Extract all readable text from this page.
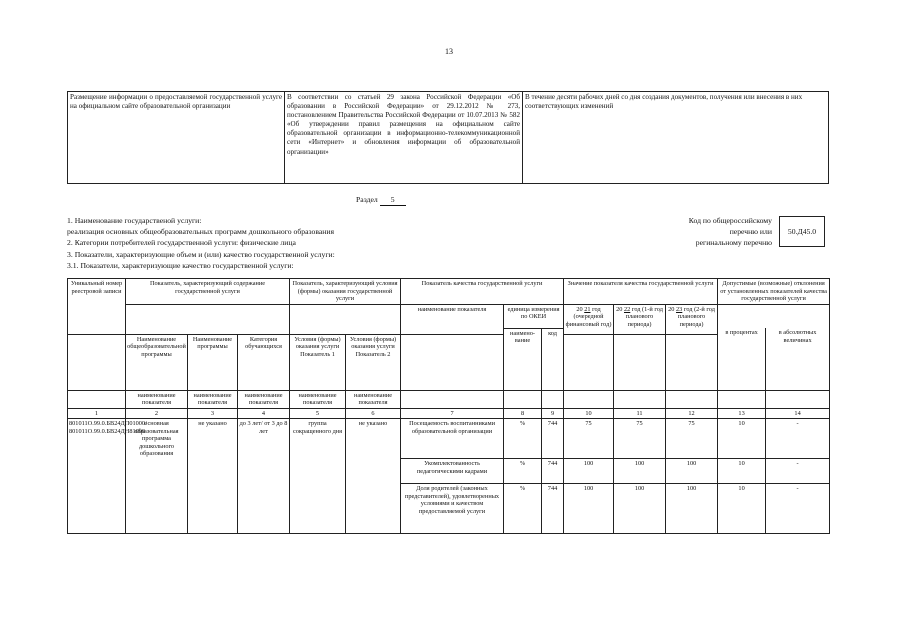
13
Размещение информации о предоставляемой государственной услуге на официальном сайте образовательной организации	В соответствии со статьей 29 закона Российской Федерации «Об образовании в Российской Федерации» от 29.12.2012 № 273, постановлением Правительства Российской Федерации от 10.07.2013 № 582 «Об утверждении правил размещения на официальном сайте образовательной организации в информационно-телекоммуникационной сети «Интернет» и обновления информации об образовательной организации»	В течение десяти рабочих дней со дня создания документов, получения или внесения в них соответствующих изменений
Раздел 5
1. Наименование государственой услуги:
реализация основных общеобразовательных программ дошкольного образования
2. Категории потребителей государственной услуги: физические лица
3. Показатели, характеризующие объем и (или) качество государственной услуги:
3.1. Показатели, характеризующие качество государственной услуги:
Код по общероссийскому
перечню или
регинальному перечню
50.Д45.0
Уникальный номер реестровой записи	Показатель, характеризующий содержание государственной услуги			Показатель, характеризующий условия (формы) оказания государственной услуги		Показатель качества государственной услуги			Значение показателя качества государственной услуги			Допустимые (возможные) отклонения от установленных показателей качества государственной услуги	
						наименование показателя	единица измерения по ОКЕИ		20 21 год (очередной финансовый год)	20 22 год (1-й год планового периода)	20 23 год (2-й год планового периода)		
							наимено-вание	код				в процентах	в абсолютных величинах
	Наименование общеобразовательной программы	Наименование программы	Категория обучающихся	Условия (формы) оказания услуги Показатель 1	Условия (формы) оказания услуги Показатель 2								
	наименование показателя	наименование показателя	наименование показателя	наименование показателя	наименование показателя								
1	2	3	4	5	6	7	8	9	10	11	12	13	14
801011О.99.0.БВ24ДП01000/ 801011О.99.0.БВ24ДН81000	основная образовательная программа дошкольного образования	не указано	до 3 лет/ от 3 до 8 лет	группа сокращенного дня	не указано	Посещаемость воспитанниками образовательной организации	%	744	75	75	75	10	-
						Укомплектованность педагогическими кадрами	%	744	100	100	100	10	-
						Доля родителей (законных представителей), удовлетворенных условиями и качеством предоставляемой услуги	%	744	100	100	100	10	-
